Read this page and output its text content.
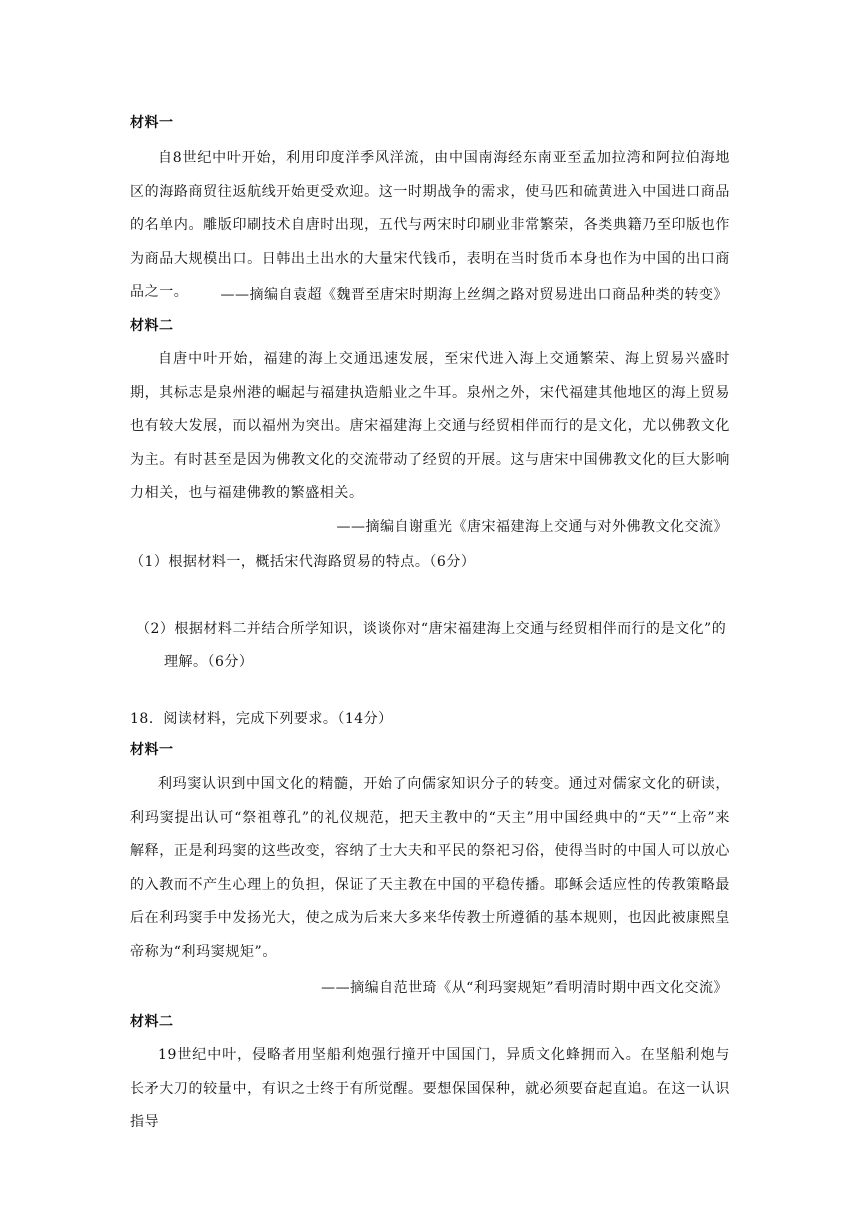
材料一
自8世纪中叶开始，利用印度洋季风洋流，由中国南海经东南亚至孟加拉湾和阿拉伯海地区的海路商贸往返航线开始更受欢迎。这一时期战争的需求，使马匹和硫黄进入中国进口商品的名单内。雕版印刷技术自唐时出现，五代与两宋时印刷业非常繁荣，各类典籍乃至印版也作为商品大规模出口。日韩出土出水的大量宋代钱币，表明在当时货币本身也作为中国的出口商品之一。	——摘编自袁超《魏晋至唐宋时期海上丝绸之路对贸易进出口商品种类的转变》
材料二
自唐中叶开始，福建的海上交通迅速发展，至宋代进入海上交通繁荣、海上贸易兴盛时期，其标志是泉州港的崛起与福建执造船业之牛耳。泉州之外，宋代福建其他地区的海上贸易也有较大发展，而以福州为突出。唐宋福建海上交通与经贸相伴而行的是文化，尤以佛教文化为主。有时甚至是因为佛教文化的交流带动了经贸的开展。这与唐宋中国佛教文化的巨大影响力相关，也与福建佛教的繁盛相关。
——摘编自谢重光《唐宋福建海上交通与对外佛教文化交流》
（1）根据材料一，概括宋代海路贸易的特点。（6分）
（2）根据材料二并结合所学知识，谈谈你对“唐宋福建海上交通与经贸相伴而行的是文化”的
理解。（6分）
18．阅读材料，完成下列要求。（14分）
材料一
利玛窦认识到中国文化的精髓，开始了向儒家知识分子的转变。通过对儒家文化的研读，利玛窦提出认可“祭祖尊孔”的礼仪规范，把天主教中的“天主”用中国经典中的“天”“上帝”来解释，正是利玛窦的这些改变，容纳了士大夫和平民的祭祀习俗，使得当时的中国人可以放心的入教而不产生心理上的负担，保证了天主教在中国的平稳传播。耶稣会适应性的传教策略最后在利玛窦手中发扬光大，使之成为后来大多来华传教士所遵循的基本规则，也因此被康熙皇帝称为“利玛窦规矩”。
——摘编自范世琦《从“利玛窦规矩”看明清时期中西文化交流》
材料二
19世纪中叶，侵略者用坚船利炮强行撞开中国国门，异质文化蜂拥而入。在坚船利炮与长矛大刀的较量中，有识之士终于有所觉醒。要想保国保种，就必须要奋起直追。在这一认识指导
